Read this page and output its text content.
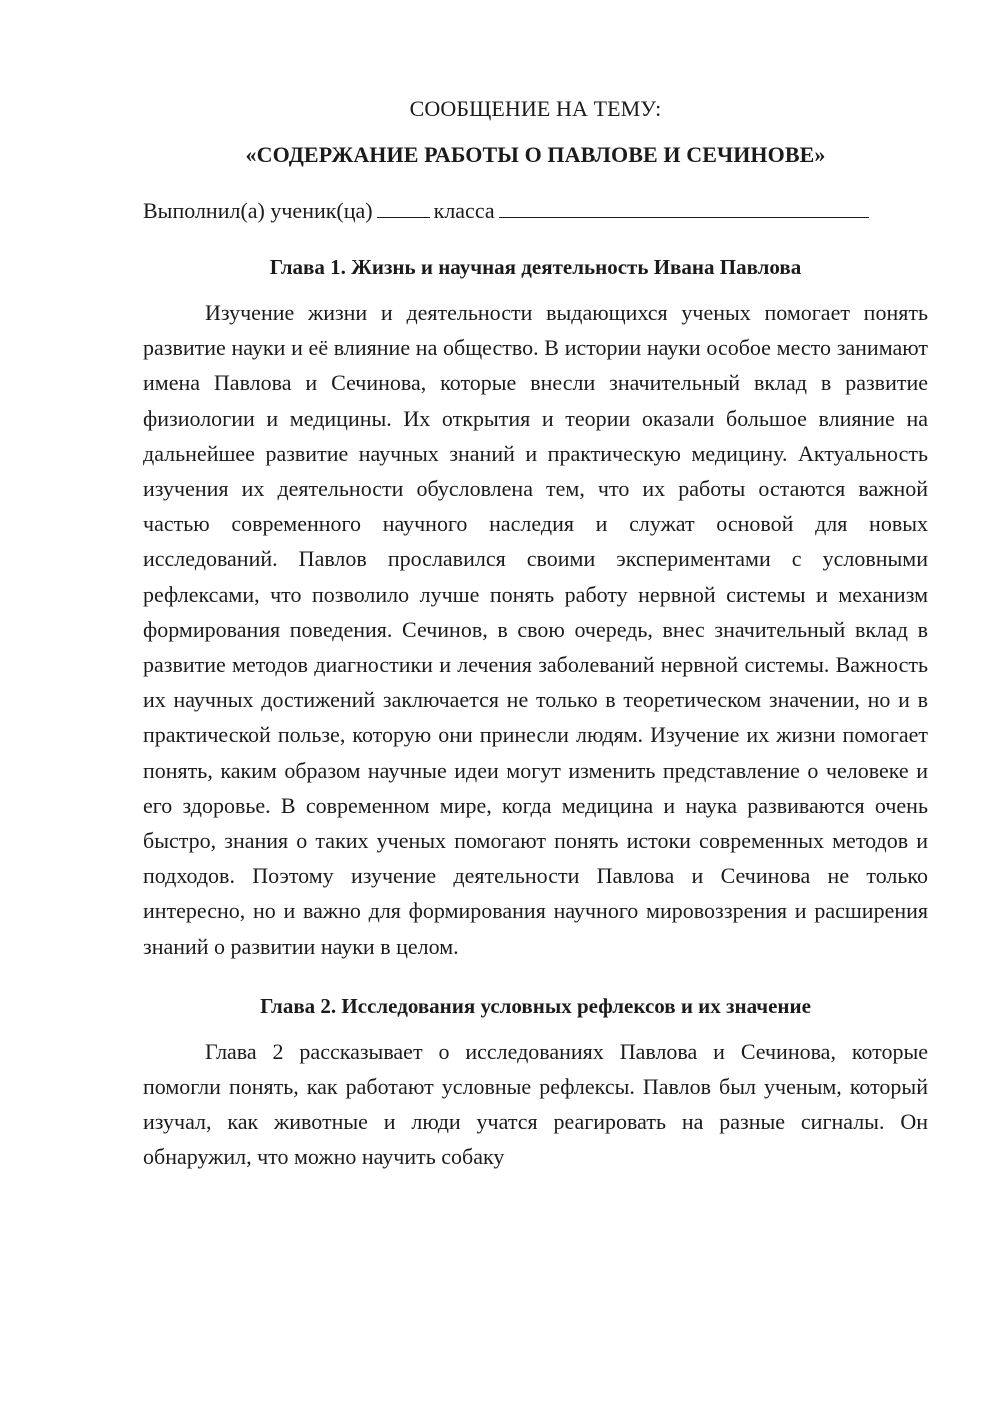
СООБЩЕНИЕ НА ТЕМУ:

«СОДЕРЖАНИЕ РАБОТЫ О ПАВЛОВЕ И СЕЧИНОВЕ»

Выполнил(а) ученик(ца)	класса
Глава 1. Жизнь и научная деятельность Ивана Павлова

Изучение жизни и деятельности выдающихся ученых помогает понять развитие науки и её влияние на общество. В истории науки особое место занимают имена Павлова и Сечинова, которые внесли значительный вклад в развитие физиологии и медицины. Их открытия и теории оказали большое влияние на дальнейшее развитие научных знаний и практическую медицину. Актуальность изучения их деятельности обусловлена тем, что их работы остаются важной частью современного научного наследия и служат основой для новых исследований. Павлов прославился своими экспериментами с условными рефлексами, что позволило лучше понять работу нервной системы и механизм формирования поведения. Сечинов, в свою очередь, внес значительный вклад в развитие методов диагностики и лечения заболеваний нервной системы. Важность их научных достижений заключается не только в теоретическом значении, но и в практической пользе, которую они принесли людям. Изучение их жизни помогает понять, каким образом научные идеи могут изменить представление о человеке и его здоровье. В современном мире, когда медицина и наука развиваются очень быстро, знания о таких ученых помогают понять истоки современных методов и подходов. Поэтому изучение деятельности Павлова и Сечинова не только интересно, но и важно для формирования научного мировоззрения и расширения знаний о развитии науки в целом.

Глава 2. Исследования условных рефлексов и их значение

Глава 2 рассказывает о исследованиях Павлова и Сечинова, которые помогли понять, как работают условные рефлексы. Павлов был ученым, который изучал, как животные и люди учатся реагировать на разные сигналы. Он обнаружил, что можно научить собаку
